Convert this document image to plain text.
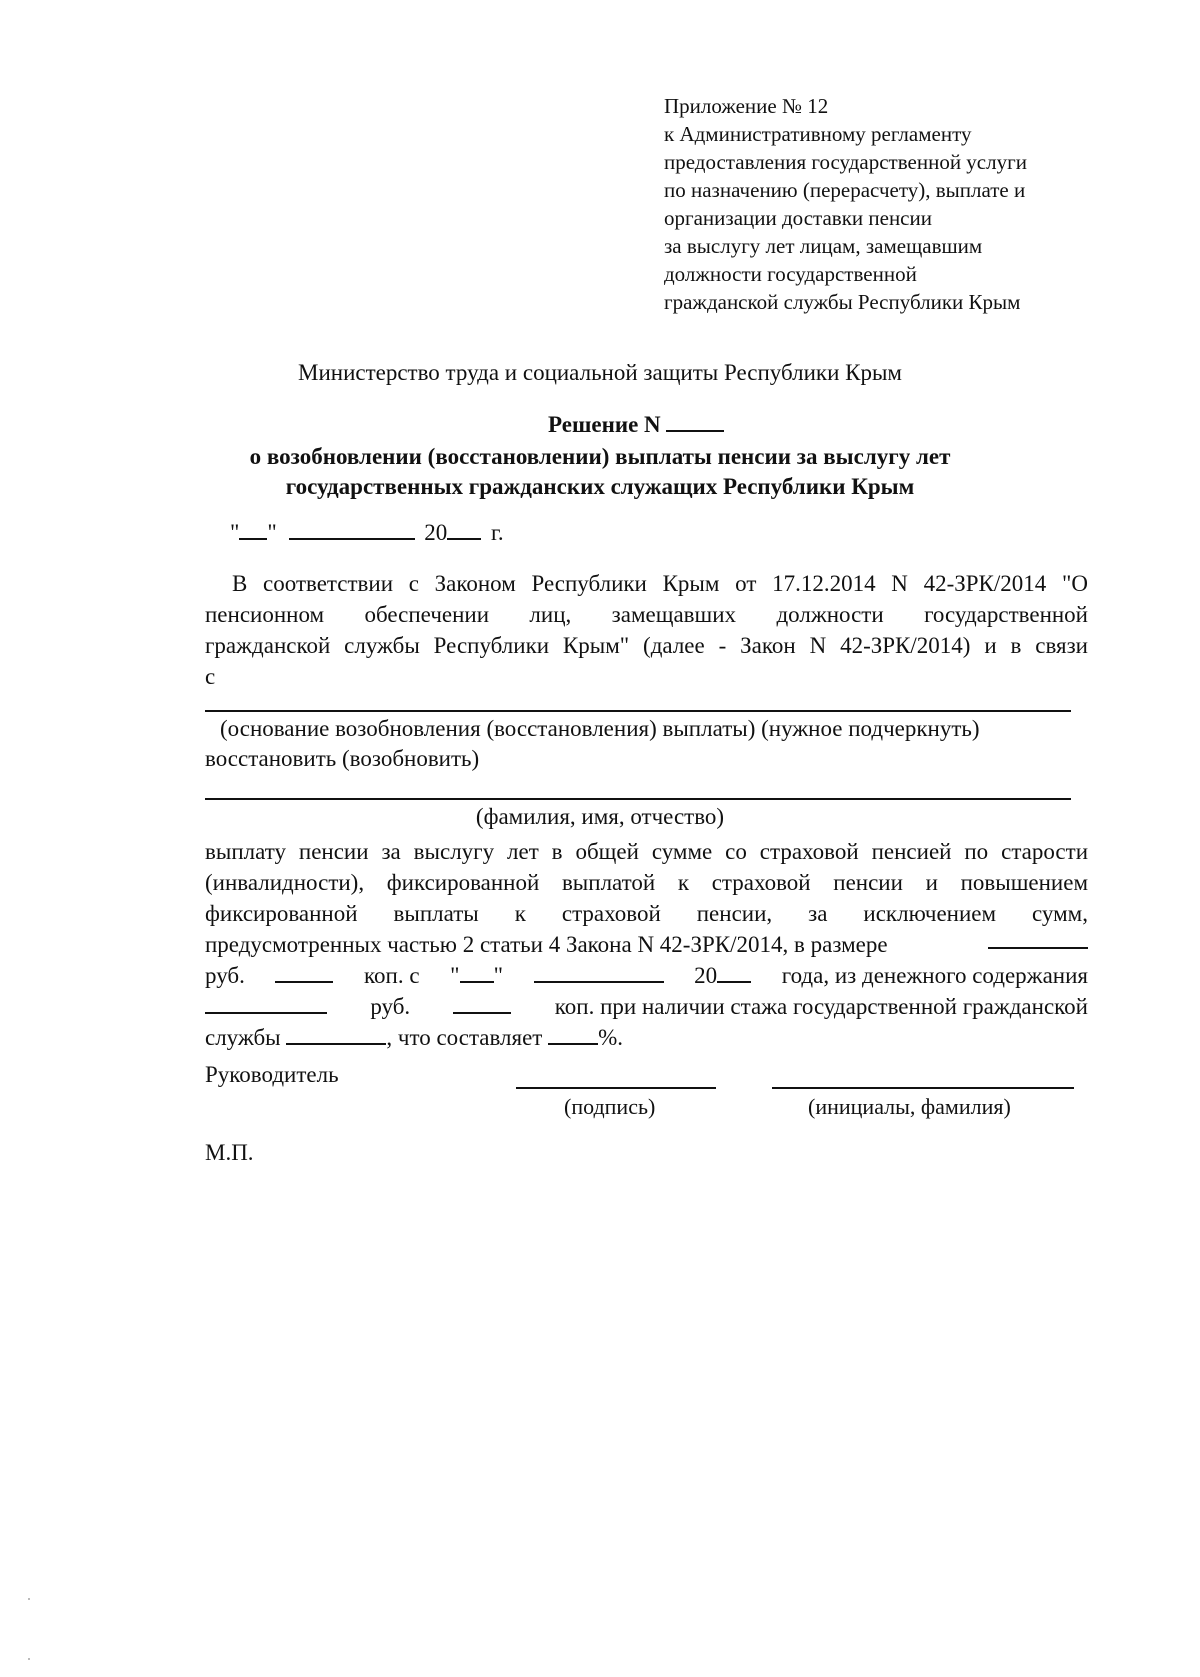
Приложение № 12
к Административному регламенту
предоставления государственной услуги
по назначению (перерасчету), выплате и
организации доставки пенсии
за выслугу лет лицам, замещавшим
должности государственной
гражданской службы Республики Крым
Министерство труда и социальной защиты Республики Крым
Решение N
о возобновлении (восстановлении) выплаты пенсии за выслугу лет
государственных гражданских служащих Республики Крым
" "	20 г.
В соответствии с Законом Республики Крым от 17.12.2014 N 42-ЗРК/2014 "О
пенсионном обеспечении лиц, замещавших должности государственной
гражданской службы Республики Крым" (далее - Закон N 42-ЗРК/2014) и в связи
с
(основание возобновления (восстановления) выплаты) (нужное подчеркнуть)
восстановить (возобновить)
(фамилия, имя, отчество)
выплату пенсии за выслугу лет в общей сумме со страховой пенсией по старости
(инвалидности), фиксированной выплатой к страховой пенсии и повышением
фиксированной выплаты к страховой пенсии, за исключением сумм,
предусмотренных частью 2 статьи 4 Закона N 42-ЗРК/2014, в размере
руб.	коп. с " "	20	года, из денежного содержания
руб.	коп. при наличии стажа государственной гражданской
службы	, что составляет %.
Руководитель
(подпись)	(инициалы, фамилия)
М.П.
